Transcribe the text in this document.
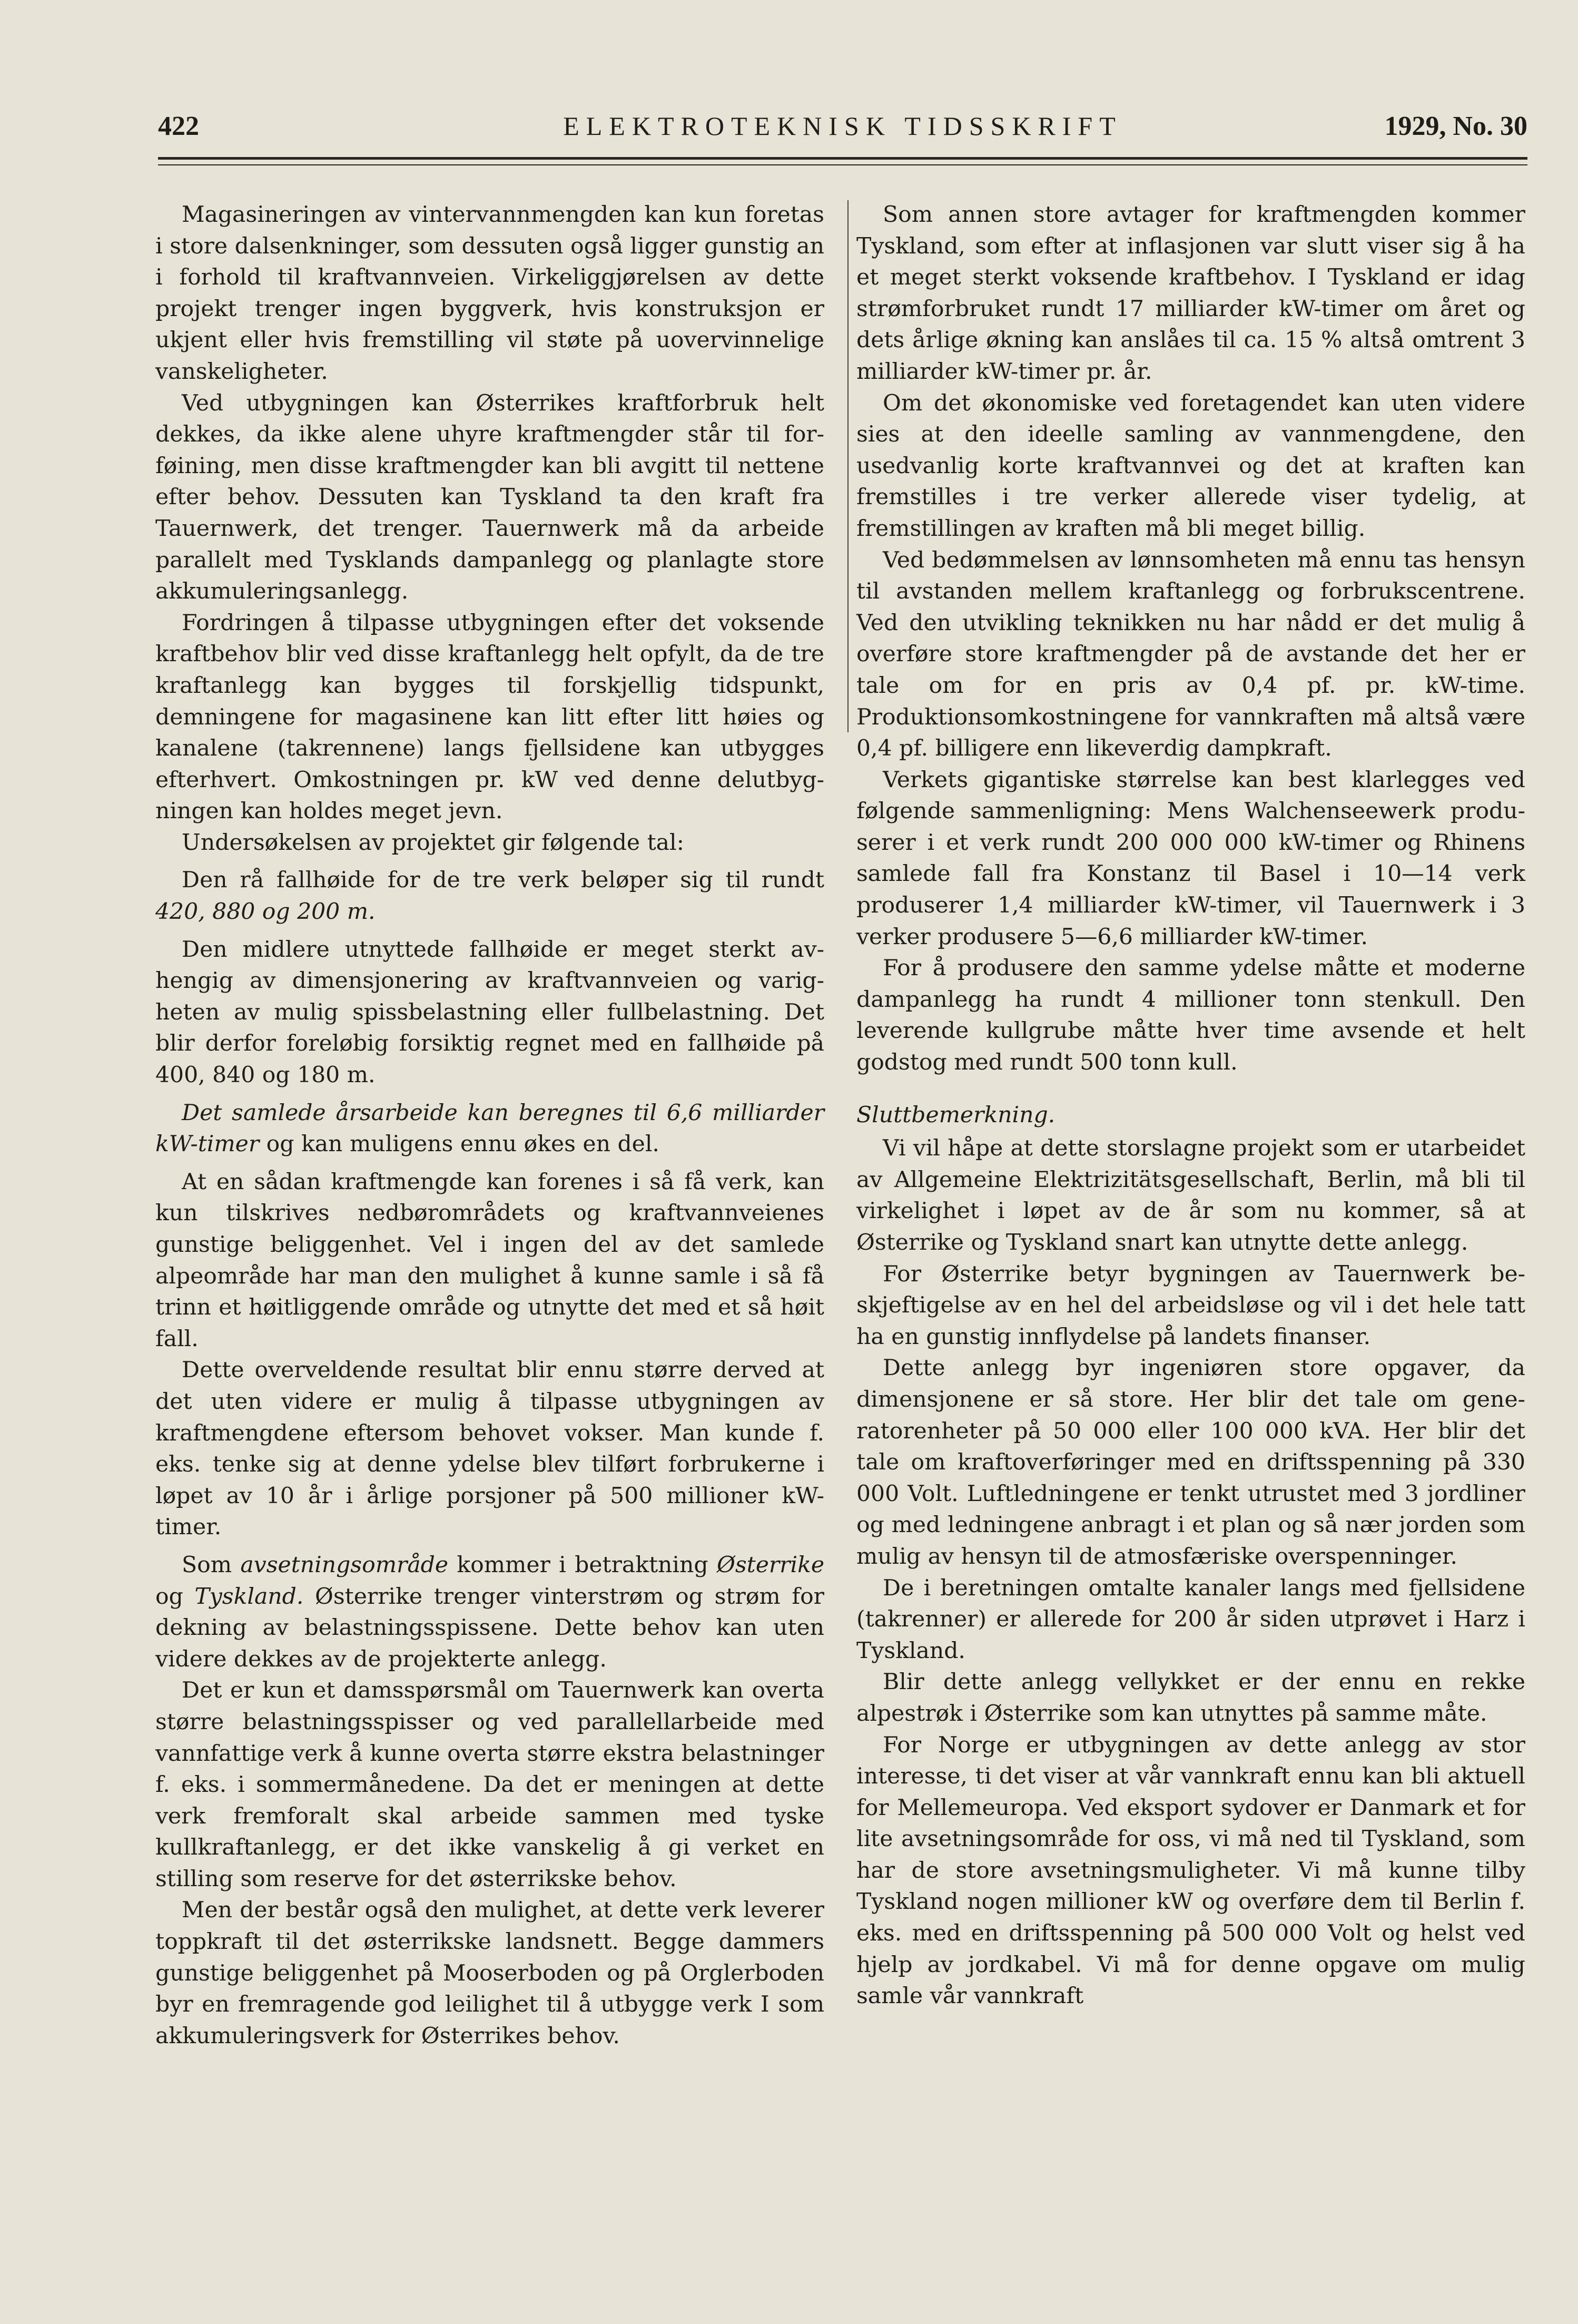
422	ELEKTROTEKNISK TIDSSKRIFT	1929, No. 30

Magasineringen av vintervannmengden kan kun foretas i store dalsenkninger, som dessuten også ligger gunstig an i forhold til kraftvannveien. Virkeliggjørelsen av dette projekt trenger ingen byggverk, hvis konstruksjon er ukjent eller hvis fremstilling vil støte på uovervinnelige vanskeligheter.

Ved utbygningen kan Østerrikes kraftforbruk helt dekkes, da ikke alene uhyre kraftmengder står til forføining, men disse kraftmengder kan bli avgitt til nettene efter behov. Dessuten kan Tyskland ta den kraft fra Tauernwerk, det trenger. Tauernwerk må da arbeide parallelt med Tysklands dampanlegg og planlagte store akkumuleringsanlegg.

Fordringen å tilpasse utbygningen efter det voksende kraftbehov blir ved disse kraftanlegg helt opfylt, da de tre kraftanlegg kan bygges til forskjellig tidspunkt, demningene for magasinene kan litt efter litt høies og kanalene (takrennene) langs fjellsidene kan utbygges efterhvert. Omkostningen pr. kW ved denne delutbygningen kan holdes meget jevn.

Undersøkelsen av projektet gir følgende tal:

Den rå fallhøide for de tre verk beløper sig til rundt 420, 880 og 200 m.

Den midlere utnyttede fallhøide er meget sterkt avhengig av dimensjonering av kraftvannveien og varigheten av mulig spissbelastning eller fullbelastning. Det blir derfor foreløbig forsiktig regnet med en fallhøide på 400, 840 og 180 m.

Det samlede årsarbeide kan beregnes til 6,6 milliarder kW-timer og kan muligens ennu økes en del.

At en sådan kraftmengde kan forenes i så få verk, kan kun tilskrives nedbørområdets og kraftvannveienes gunstige beliggenhet. Vel i ingen del av det samlede alpeområde har man den mulighet å kunne samle i så få trinn et høitliggende område og utnytte det med et så høit fall.

Dette overveldende resultat blir ennu større derved at det uten videre er mulig å tilpasse utbygningen av kraftmengdene eftersom behovet vokser. Man kunde f. eks. tenke sig at denne ydelse blev tilført forbrukerne i løpet av 10 år i årlige porsjoner på 500 millioner kW-timer.

Som avsetningsområde kommer i betraktning Østerrike og Tyskland. Østerrike trenger vinterstrøm og strøm for dekning av belastningsspissene. Dette behov kan uten videre dekkes av de projekterte anlegg.

Det er kun et damsspørsmål om Tauernwerk kan overta større belastningsspisser og ved parallellarbeide med vannfattige verk å kunne overta større ekstra belastninger f. eks. i sommermånedene. Da det er meningen at dette verk fremforalt skal arbeide sammen med tyske kullkraftanlegg, er det ikke vanskelig å gi verket en stilling som reserve for det østerrikske behov.

Men der består også den mulighet, at dette verk leverer toppkraft til det østerrikske landsnett. Begge dammers gunstige beliggenhet på Mooserboden og på Orglerboden byr en fremragende god leilighet til å utbygge verk I som akkumuleringsverk for Østerrikes behov.

Som annen store avtager for kraftmengden kommer Tyskland, som efter at inflasjonen var slutt viser sig å ha et meget sterkt voksende kraftbehov. I Tyskland er idag strømforbruket rundt 17 milliarder kW-timer om året og dets årlige økning kan anslåes til ca. 15 % altså omtrent 3 milliarder kW-timer pr. år.

Om det økonomiske ved foretagendet kan uten videre sies at den ideelle samling av vannmengdene, den usedvanlig korte kraftvannvei og det at kraften kan fremstilles i tre verker allerede viser tydelig, at fremstillingen av kraften må bli meget billig.

Ved bedømmelsen av lønnsomheten må ennu tas hensyn til avstanden mellem kraftanlegg og forbrukscentrene. Ved den utvikling teknikken nu har nådd er det mulig å overføre store kraftmengder på de avstande det her er tale om for en pris av 0,4 pf. pr. kW-time. Produktionsomkostningene for vannkraften må altså være 0,4 pf. billigere enn likeverdig dampkraft.

Verkets gigantiske størrelse kan best klarlegges ved følgende sammenligning: Mens Walchenseewerk produserer i et verk rundt 200 000 000 kW-timer og Rhinens samlede fall fra Konstanz til Basel i 10—14 verk produserer 1,4 milliarder kW-timer, vil Tauernwerk i 3 verker produsere 5—6,6 milliarder kW-timer.

For å produsere den samme ydelse måtte et moderne dampanlegg ha rundt 4 millioner tonn stenkull. Den leverende kullgrube måtte hver time avsende et helt godstog med rundt 500 tonn kull.

Sluttbemerkning.

Vi vil håpe at dette storslagne projekt som er utarbeidet av Allgemeine Elektrizitätsgesellschaft, Berlin, må bli til virkelighet i løpet av de år som nu kommer, så at Østerrike og Tyskland snart kan utnytte dette anlegg.

For Østerrike betyr bygningen av Tauernwerk beskjeftigelse av en hel del arbeidsløse og vil i det hele tatt ha en gunstig innflydelse på landets finanser.

Dette anlegg byr ingeniøren store opgaver, da dimensjonene er så store. Her blir det tale om generatorenheter på 50 000 eller 100 000 kVA. Her blir det tale om kraftoverføringer med en driftsspenning på 330 000 Volt. Luftledningene er tenkt utrustet med 3 jordliner og med ledningene anbragt i et plan og så nær jorden som mulig av hensyn til de atmosfæriske overspenninger.

De i beretningen omtalte kanaler langs med fjellsidene (takrenner) er allerede for 200 år siden utprøvet i Harz i Tyskland.

Blir dette anlegg vellykket er der ennu en rekke alpestrøk i Østerrike som kan utnyttes på samme måte.

For Norge er utbygningen av dette anlegg av stor interesse, ti det viser at vår vannkraft ennu kan bli aktuell for Mellemeuropa. Ved eksport sydover er Danmark et for lite avsetningsområde for oss, vi må ned til Tyskland, som har de store avsetningsmuligheter. Vi må kunne tilby Tyskland nogen millioner kW og overføre dem til Berlin f. eks. med en driftsspenning på 500 000 Volt og helst ved hjelp av jordkabel. Vi må for denne opgave om mulig samle vår vannkraft
